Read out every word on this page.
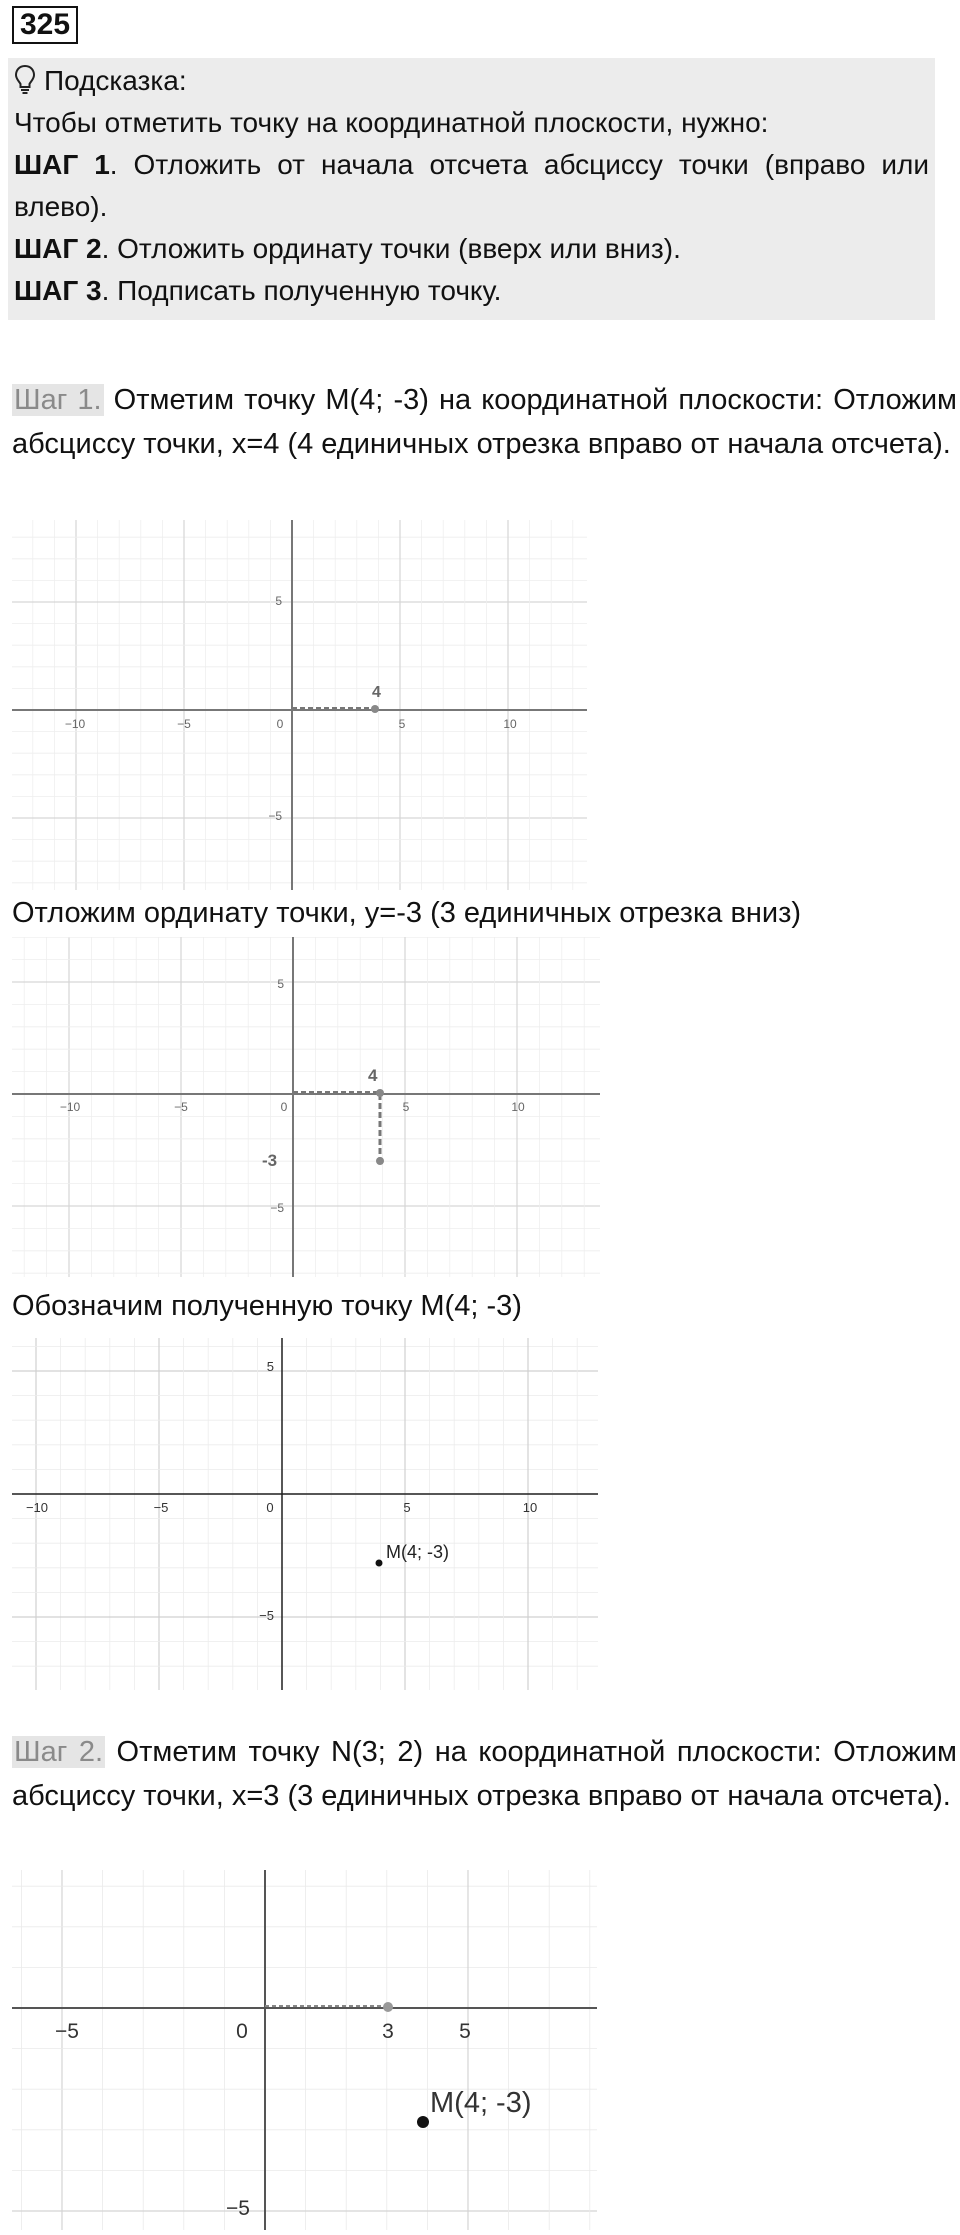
325

Подсказка:

Чтобы отметить точку на координатной плоскости, нужно:

ШАГ 1. Отложить от начала отсчета абсциссу точки (вправо или влево).

ШАГ 2. Отложить ординату точки (вверх или вниз).

ШАГ 3. Подписать полученную точку.

Шаг 1. Отметим точку M(4; -3) на координатной плоскости: Отложим абсциссу точки, x=4 (4 единичных отрезка вправо от начала отсчета).
−10	−5	0	5	10
5
−5
4
Отложим ординату точки, y=-3 (3 единичных отрезка вниз)
−10	−5	0	5	10
5
−5
4
-3
Обозначим полученную точку M(4; -3)
−10	−5	0	5	10
5
−5
M(4; -3)
Шаг 2. Отметим точку N(3; 2) на координатной плоскости: Отложим абсциссу точки, x=3 (3 единичных отрезка вправо от начала отсчета).
−5	0	3	5
−5
M(4; -3)
